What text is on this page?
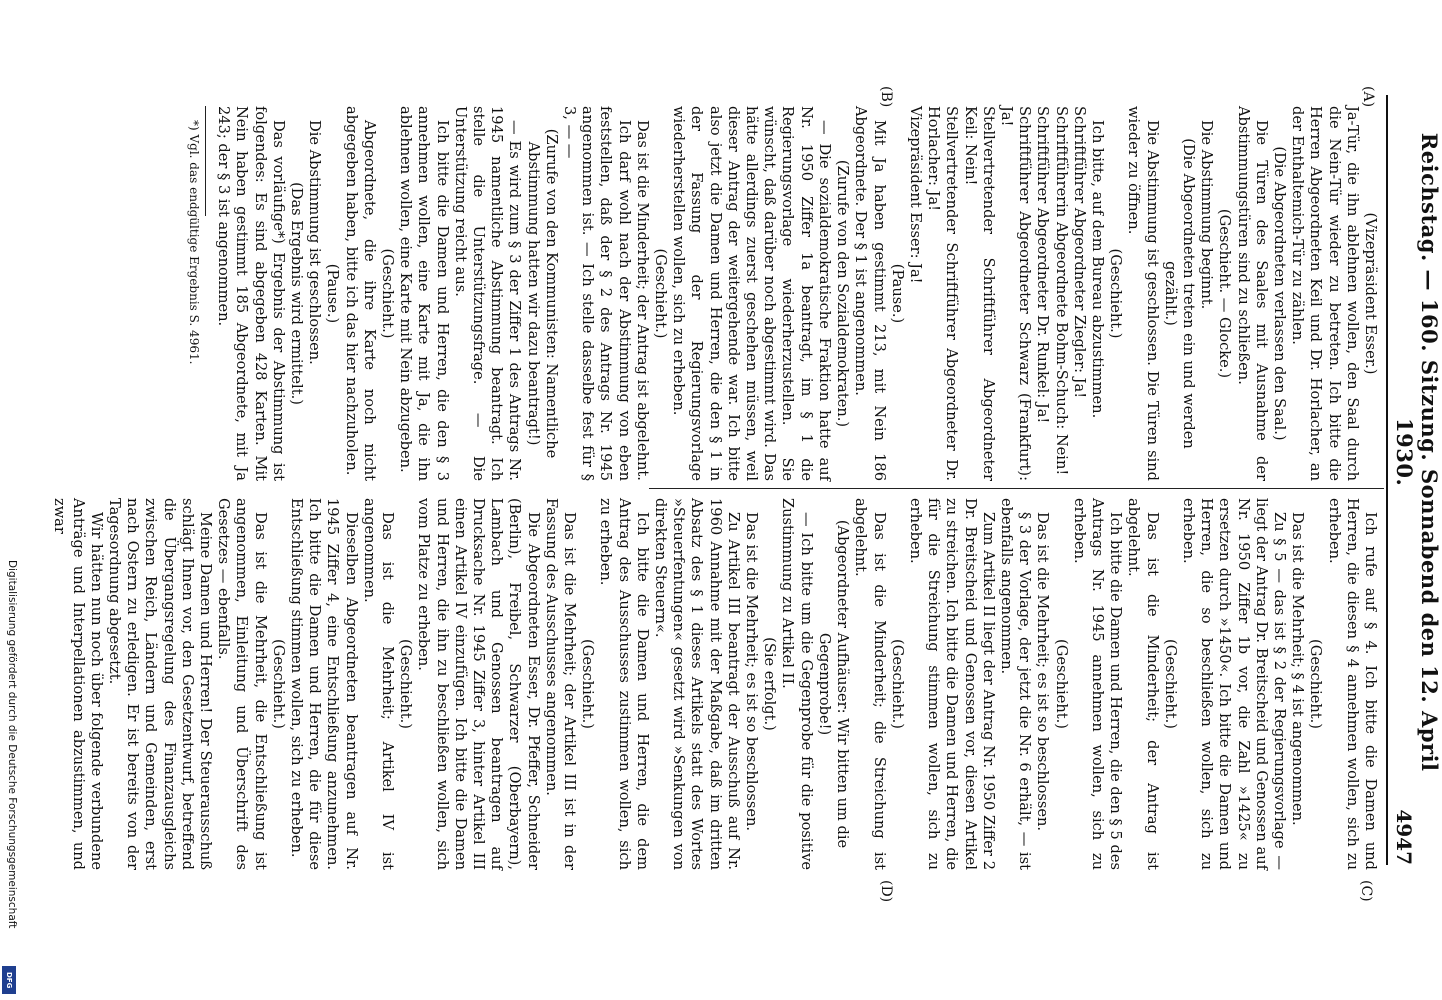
Reichstag. — 160. Sitzung. Sonnabend den 12. April 1930.
4947
(A)
(B)
(C)
(D)

(Vizepräsident Esser.)

Ja-Tür, die ihn ablehnen wollen, den Saal durch die Nein-Tür wieder zu betreten. Ich bitte die Herren Abgeordneten Keil und Dr. Horlacher, an der Enthaltemich-Tür zu zählen.

(Die Abgeordneten verlassen den Saal.)

Die Türen des Saales mit Ausnahme der Abstimmungstüren sind zu schließen.

(Geschieht. — Glocke.)

Die Abstimmung beginnt.

(Die Abgeordneten treten ein und werden gezählt.)

Die Abstimmung ist geschlossen. Die Türen sind wieder zu öffnen.

(Geschieht.)

Ich bitte, auf dem Bureau abzustimmen.

Schriftführer Abgeordneter Ziegler: Ja!

Schriftführerin Abgeordnete Bohm-Schuch: Nein!

Schriftführer Abgeordneter Dr. Runkel: Ja!

Schriftführer Abgeordneter Schwarz (Frankfurt): Ja!

Stellvertretender Schriftführer Abgeordneter Keil: Nein!

Stellvertretender Schriftführer Abgeordneter Dr. Horlacher: Ja!

Vizepräsident Esser: Ja!

(Pause.)

Mit Ja haben gestimmt 213, mit Nein 186 Abgeordnete. Der § 1 ist angenommen.

(Zurufe von den Sozialdemokraten.)

— Die sozialdemokratische Fraktion hatte auf Nr. 1950 Ziffer 1a beantragt, im § 1 die Regierungsvorlage wiederherzustellen. Sie wünscht, daß darüber noch abgestimmt wird. Das hätte allerdings zuerst geschehen müssen, weil dieser Antrag der weitergehende war. Ich bitte also jetzt die Damen und Herren, die den § 1 in der Fassung der Regierungsvorlage wiederherstellen wollen, sich zu erheben.

(Geschieht.)

Das ist die Minderheit; der Antrag ist abgelehnt.

Ich darf wohl nach der Abstimmung von eben feststellen, daß der § 2 des Antrags Nr. 1945 angenommen ist. — Ich stelle dasselbe fest für § 3, — —

(Zurufe von den Kommunisten: Namentliche Abstimmung hatten wir dazu beantragt!)

— Es wird zum § 3 der Ziffer 1 des Antrags Nr. 1945 namentliche Abstimmung beantragt. Ich stelle die Unterstützungsfrage. — Die Unterstützung reicht aus.

Ich bitte die Damen und Herren, die den § 3 annehmen wollen, eine Karte mit Ja, die ihn ablehnen wollen, eine Karte mit Nein abzugeben.

(Geschieht.)

Abgeordnete, die ihre Karte noch nicht abgegeben haben, bitte ich das hier nachzuholen.

(Pause.)

Die Abstimmung ist geschlossen.

(Das Ergebnis wird ermittelt.)

Das vorläufige*) Ergebnis der Abstimmung ist folgendes: Es sind abgegeben 428 Karten. Mit Nein haben gestimmt 185 Abgeordnete, mit Ja 243; der § 3 ist angenommen.

*) Vgl. das endgültige Ergebnis S. 4961.

Ich rufe auf § 4. Ich bitte die Damen und Herren, die diesen § 4 annehmen wollen, sich zu erheben.

(Geschieht.)

Das ist die Mehrheit; § 4 ist angenommen.

Zu § 5 — das ist § 2 der Regierungsvorlage — liegt der Antrag Dr. Breitscheid und Genossen auf Nr. 1950 Ziffer 1b vor, die Zahl »1425« zu ersetzen durch »1450«. Ich bitte die Damen und Herren, die so beschließen wollen, sich zu erheben.

(Geschieht.)

Das ist die Minderheit; der Antrag ist abgelehnt.

Ich bitte die Damen und Herren, die den § 5 des Antrags Nr. 1945 annehmen wollen, sich zu erheben.

(Geschieht.)

Das ist die Mehrheit; es ist so beschlossen.

§ 3 der Vorlage, der jetzt die Nr. 6 erhält, — ist ebenfalls angenommen.

Zum Artikel II liegt der Antrag Nr. 1950 Ziffer 2 Dr. Breitscheid und Genossen vor, diesen Artikel zu streichen. Ich bitte die Damen und Herren, die für die Streichung stimmen wollen, sich zu erheben.

(Geschieht.)

Das ist die Minderheit; die Streichung ist abgelehnt.

(Abgeordneter Aufhäuser: Wir bitten um die Gegenprobe!)

— Ich bitte um die Gegenprobe für die positive Zustimmung zu Artikel II.

(Sie erfolgt.)

Das ist die Mehrheit; es ist so beschlossen.

Zu Artikel III beantragt der Ausschuß auf Nr. 1960 Annahme mit der Maßgabe, daß im dritten Absatz des § 1 dieses Artikels statt des Wortes »Steuerfentungen« gesetzt wird »Senkungen von direkten Steuern«.

Ich bitte die Damen und Herren, die dem Antrag des Ausschusses zustimmen wollen, sich zu erheben.

(Geschieht.)

Das ist die Mehrheit; der Artikel III ist in der Fassung des Ausschusses angenommen.

Die Abgeordneten Esser, Dr. Pfeffer, Schneider (Berlin), Freibel, Schwarzer (Oberbayern), Lambach und Genossen beantragen auf Drucksache Nr. 1945 Ziffer 3, hinter Artikel III einen Artikel IV einzufügen. Ich bitte die Damen und Herren, die ihn zu beschließen wollen, sich vom Platze zu erheben.

(Geschieht.)

Das ist die Mehrheit; Artikel IV ist angenommen.

Dieselben Abgeordneten beantragen auf Nr. 1945 Ziffer 4, eine Entschließung anzunehmen. Ich bitte die Damen und Herren, die für diese Entschließung stimmen wollen, sich zu erheben.

(Geschieht.)

Das ist die Mehrheit, die Entschließung ist angenommen, Einleitung und Überschrift des Gesetzes — ebenfalls.

Meine Damen und Herren! Der Steuerausschuß schlägt Ihnen vor, den Gesetzentwurf, betreffend die Übergangsregelung des Finanzausgleichs zwischen Reich, Ländern und Gemeinden, erst nach Ostern zu erledigen. Er ist bereits von der Tagesordnung abgesetzt.

Wir hätten nun noch über folgende verbundene Anträge und Interpellationen abzustimmen, und zwar

Digitalisierung gefördert durch die Deutsche Forschungsgemeinschaft
DFG
